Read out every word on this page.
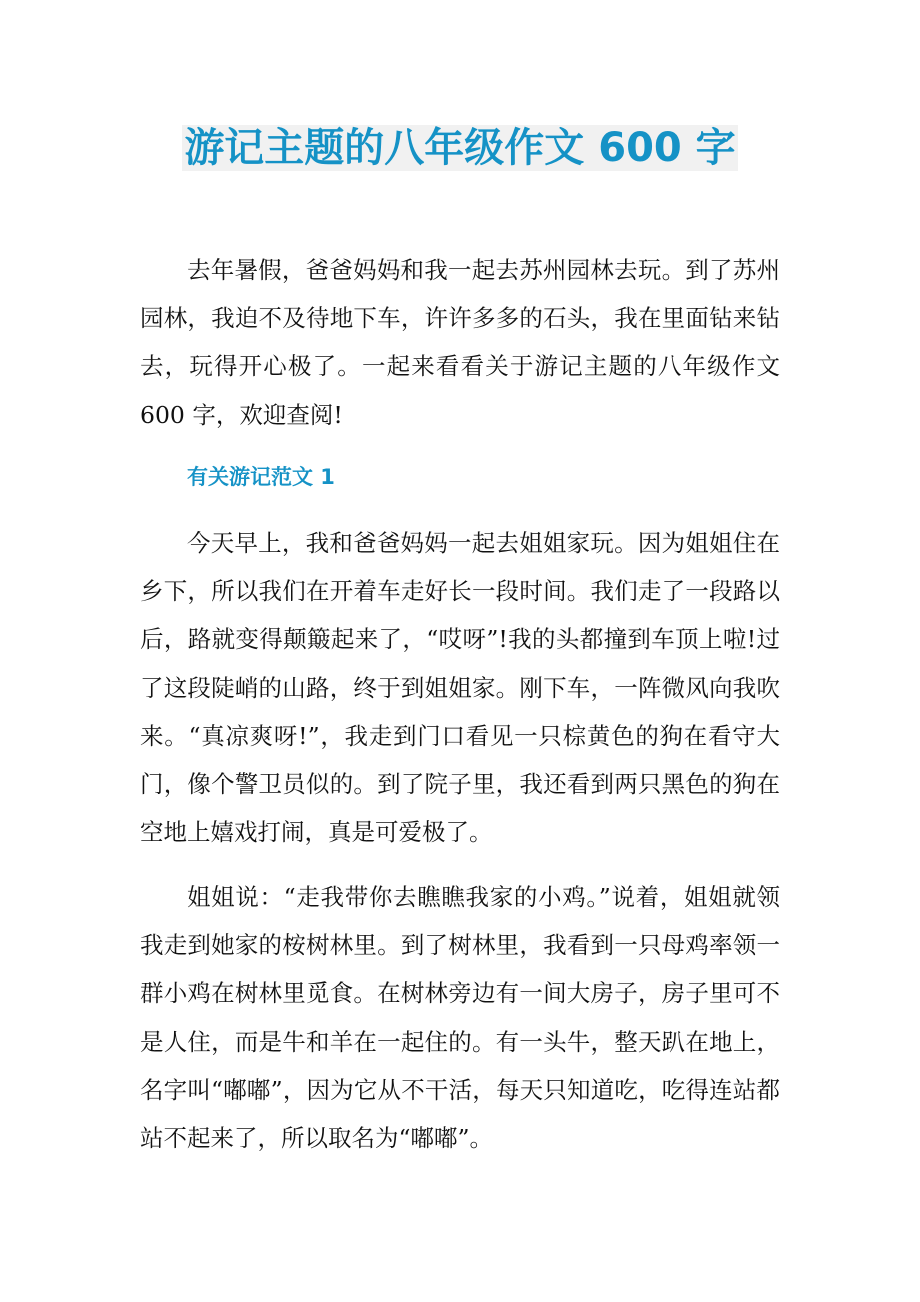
游记主题的八年级作文 600 字

去年暑假，爸爸妈妈和我一起去苏州园林去玩。到了苏州园林，我迫不及待地下车，许许多多的石头，我在里面钻来钻去，玩得开心极了。一起来看看关于游记主题的八年级作文 600 字，欢迎查阅!

有关游记范文 1

今天早上，我和爸爸妈妈一起去姐姐家玩。因为姐姐住在乡下，所以我们在开着车走好长一段时间。我们走了一段路以后，路就变得颠簸起来了，“哎呀”!我的头都撞到车顶上啦!过了这段陡峭的山路，终于到姐姐家。刚下车，一阵微风向我吹来。“真凉爽呀!”，我走到门口看见一只棕黄色的狗在看守大门，像个警卫员似的。到了院子里，我还看到两只黑色的狗在空地上嬉戏打闹，真是可爱极了。

姐姐说：“走我带你去瞧瞧我家的小鸡。”说着，姐姐就领我走到她家的桉树林里。到了树林里，我看到一只母鸡率领一群小鸡在树林里觅食。在树林旁边有一间大房子，房子里可不是人住，而是牛和羊在一起住的。有一头牛，整天趴在地上，名字叫“嘟嘟”，因为它从不干活，每天只知道吃，吃得连站都站不起来了，所以取名为“嘟嘟”。
